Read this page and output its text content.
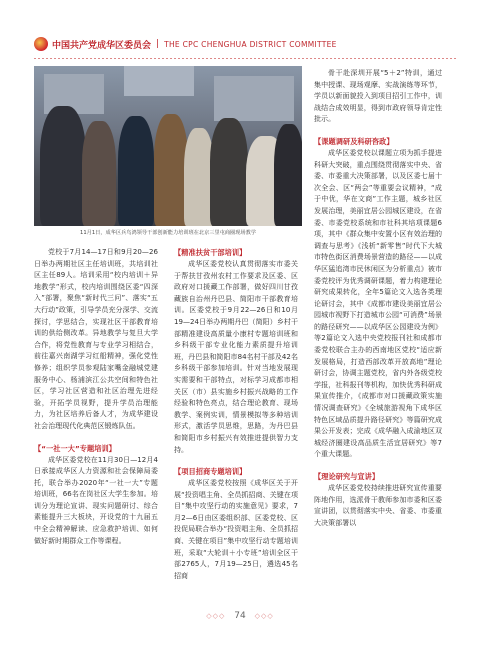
中国共产党成华区委员会 | THE CPC CHENGHUA DISTRICT COMMITTEE
11月1日，成华区兵鸟鸿领导干部创新能力培训班在北京三里屯商圈现场教学

党校于7月14—17日和9月20—26日举办两期社区主任培训班，共培训社区主任89人。培训采用“校内培训＋异地教学”形式，校内培训围绕区委“四深入”部署，聚焦“新时代三问”、落实“五大行动”政策，引导学员充分深学、交流探讨，学思结合，实现社区干部教育培训的供给侧改革。异地教学与复旦大学合作，将党性教育与专业学习相结合，前往嘉兴南湖学习红船精神，强化党性修养；组织学员参观陆家嘴金融城党建服务中心、杨浦滨江公共空间和特色社区，学习社区营造和社区治理先进经验，开拓学员视野，提升学员治理能力，为社区培养后备人才，为成华建设社会治理现代化典范区锻炼队伍。

【“一社一大”专题培训】

成华区委党校在11月30日—12月4日承接成华区人力资源和社会保障局委托，联合举办2020年“一社一大”专题培训班，66名在岗社区大学生参加。培训分为理论宣讲、现实问题研讨、综合素能提升三大板块，开设党的十九届五中全会精神解读、应急救护培训、如何做好新时期群众工作等课程。

【精准扶贫干部培训】

成华区委党校认真贯彻落实市委关于帮扶甘孜州农村工作要求及区委、区政府对口援藏工作部署，做好四川甘孜藏族自治州丹巴县、简阳市干部教育培训。区委党校于9月22—26日和10月19—24日举办两期丹巴（简阳）乡村干部精准建设高质量小康村专题培训班和乡科级干部专业化能力素质提升培训班，丹巴县和简阳市84名村干部及42名乡科级干部参加培训。针对当地发展现实需要和干部特点，对标学习成都市相关区（市）县实施乡村振兴战略的工作经验和特色亮点，结合理论教育、现场教学、案例实训，情景模拟等多种培训形式，激活学员思维，思路，为丹巴县和简阳市乡村振兴有效推进提供智力支持。

【项目招商专题培训】

成华区委党校按照《成华区关于开展“投资唱主角、全员抓招商、关键在项目”集中攻坚行动的实施意见》要求，7月2—6日由区委组织部、区委党校、区投促局联合举办“投资唱主角、全员抓招商、关键在项目”集中攻坚行动专题培训班，采取“大轮训＋小专班”培训全区干部2765人，7月19—25日，遴选45名招商

骨干赴深圳开展“5＋2”特训，通过集中授课、现场观摩、实战演练等环节，学员以新面貌投入到项目招引工作中，训战结合成效明显，得到市政府领导肯定性批示。

【课题调研及科研咨政】

成华区委党校以课题立项为抓手提进科研大突破，重点围绕贯彻落实中央、省委、市委重大决策部署，以及区委七届十次全会、区“两会”等重要会议精神，“成于中优，华在文商”工作主题，城乡社区发展治理，美丽宜居公园城区建设，在省委、市委党校系统和市社科其培项课题6项，其中《群众集中安置小区有效治理的调查与思考》《浅析“新零售”时代下大城市特色街区消费场景营造的路径——以成华区猛追湾市民休闲区为分析重点》被市委党校评为优秀调研课题，着力构建理论研究成果转化，全年5篇论文入选各类理论研讨会，其中《成都市建设美丽宜居公园城市视野下打造城市公园“可消费”场景的路径研究——以成华区公园建设为例》等2篇论文入选中央党校报刊社和成都市委党校联合主办的西南地区党校“适应新发展格局，打造西部改革开放高地”理论研讨会，协调主题党校，省内外各级党校学报，社科报刊等机构，加快优秀科研成果宣传推介，《成都市对口援藏政策实施情况调查研究》《全城旅游视角下成华区特色区域品质提升路径研究》等篇研究成果公开发表；完成《成华融入成渝地区双城经济圈建设高品质生活宜居研究》等7个重大课题。

【理论研究与宣讲】

成华区委党校持续推进研究宣传重要阵地作用，选派骨干教师参加市委和区委宣讲团，以贯彻落实中央、省委、市委重大决策部署以

◇◇◇ 74 ◇◇◇
